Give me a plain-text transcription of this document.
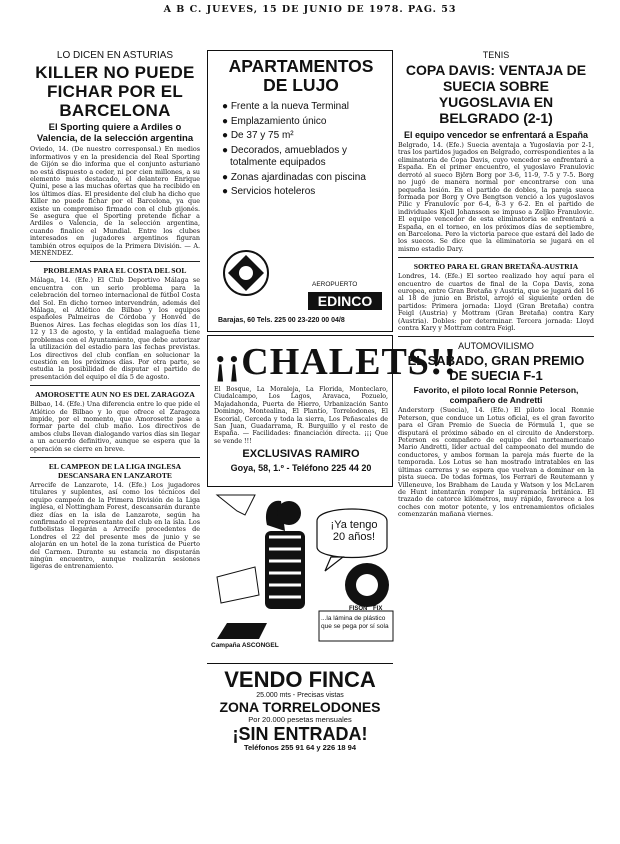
A B C. JUEVES, 15 DE JUNIO DE 1978. PAG. 53
LO DICEN EN ASTURIAS
KILLER NO PUEDE FICHAR POR EL BARCELONA
El Sporting quiere a Ardiles o Valencia, de la selección argentina

Oviedo, 14. (De nuestro corresponsal.) En medios informativos y en la presidencia del Real Sporting de Gijón se dio informa que el conjunto asturiano no está dispuesto a ceder, ni por cien millones, a su elemento más destacado, el delantero Enrique Quini, pese a las muchas ofertas que ha recibido en los últimos días. El presidente del club ha dicho que Killer no puede fichar por el Barcelona, ya que existe un compromiso firmado con el club gijonés. Se asegura que el Sporting pretende fichar a Ardiles o Valencia, de la selección argentina, cuando finalice el Mundial. Entre los clubes interesados en jugadores argentinos figuran también otros equipos de la Primera División. — A. MENÉNDEZ.

PROBLEMAS PARA EL COSTA DEL SOL

Málaga, 14. (Efe.) El Club Deportivo Málaga se encuentra con un serio problema para la celebración del torneo internacional de fútbol Costa del Sol. En dicho torneo intervendrán, además del Málaga, el Atlético de Bilbao y los equipos españoles Palmeiras de Córdoba y Honvéd de Buenos Aires. Las fechas elegidas son los días 11, 12 y 13 de agosto, y la entidad malagueña tiene problemas con el Ayuntamiento, que debe autorizar la utilización del estadio para las fechas previstas. Los directivos del club confían en solucionar la cuestión en los próximos días. Por otra parte, se estudia la posibilidad de disputar el partido de presentación del equipo el día 5 de agosto.

AMOROSETTE AUN NO ES DEL ZARAGOZA

Bilbao, 14. (Efe.) Una diferencia entre lo que pide el Atlético de Bilbao y lo que ofrece el Zaragoza impide, por el momento, que Amorosette pase a formar parte del club maño. Los directivos de ambos clubs llevan dialogando varios días sin llegar a un acuerdo definitivo, aunque se espera que la operación se cierre en breve.

EL CAMPEON DE LA LIGA INGLESA DESCANSARA EN LANZAROTE

Arrecife de Lanzarote, 14. (Efe.) Los jugadores titulares y suplentes, así como los técnicos del equipo campeón de la Primera División de la Liga inglesa, el Nottingham Forest, descansarán durante diez días en la isla de Lanzarote, según ha confirmado el representante del club en la isla. Los futbolistas llegarán a Arrecife procedentes de Londres el 22 del presente mes de junio y se alojarán en un hotel de la zona turística de Puerto del Carmen. Durante su estancia no disputarán ningún encuentro, aunque realizarán sesiones ligeras de entrenamiento.

APARTAMENTOS DE LUJO
● Frente a la nueva Terminal
● Emplazamiento único
● De 37 y 75 m²
● Decorados, amueblados y totalmente equipados
● Zonas ajardinadas con piscina
● Servicios hoteleros
AEROPUERTO
EDINCO
Barajas, 60 Tels. 225 00 23-220 00 04/8
¡¡CHALETS!!

El Bosque, La Moraleja, La Florida, Monteclaro, Ciudalcampo, Los Lagos, Aravaca, Pozuelo, Majadahonda, Puerta de Hierro, Urbanización Santo Domingo, Montealina, El Plantío, Torrelodones, El Escorial, Cerceda y toda la sierra, Los Peñascales de San Juan, Guadarrama, R. Burguillo y el resto de España. — Facilidades: financiación directa. ¡¡¡ Que se vende !!!

EXCLUSIVAS RAMIRO
Goya, 58, 1.º - Teléfono 225 44 20
¡Ya tengo 20 años!
FISON FIX
...la lámina de plástico que se pega por sí sola
Campaña ASCONGEL
VENDO FINCA
25.000 mts - Precisas vistas
ZONA TORRELODONES
Por 20.000 pesetas mensuales
¡SIN ENTRADA!
Teléfonos 255 91 64 y 226 18 94
TENIS
COPA DAVIS: VENTAJA DE SUECIA SOBRE YUGOSLAVIA EN BELGRADO (2-1)
El equipo vencedor se enfrentará a España

Belgrado, 14. (Efe.) Suecia aventaja a Yugoslavia por 2-1, tras los partidos jugados en Belgrado, correspondientes a la eliminatoria de Copa Davis, cuyo vencedor se enfrentará a España. En el primer encuentro, el yugoslavo Franulovic derrotó al sueco Björn Borg por 3-6, 11-9, 7-5 y 7-5. Borg no jugó de manera normal por encontrarse con una pequeña lesión. En el partido de dobles, la pareja sueca formada por Borg y Ove Bengtson venció a los yugoslavos Pilic y Franulovic por 6-4, 6-3 y 6-2. En el partido de individuales Kjell Johansson se impuso a Zeljko Franulovic. El equipo vencedor de esta eliminatoria se enfrentará a España, en el torneo, en los próximos días de septiembre, en Barcelona. Pero la victoria parece que estará del lado de los suecos. Se dice que la eliminatoria se jugará en el mismo estadio Dary.

SORTEO PARA EL GRAN BRETAÑA-AUSTRIA

Londres, 14. (Efe.) El sorteo realizado hoy aquí para el encuentro de cuartos de final de la Copa Davis, zona europea, entre Gran Bretaña y Austria, que se jugará del 16 al 18 de junio en Bristol, arrojó el siguiente orden de partidos: Primera jornada: Lloyd (Gran Bretaña) contra Feigl (Austria) y Mottram (Gran Bretaña) contra Kary (Austria). Dobles: por determinar. Tercera jornada: Lloyd contra Kary y Mottram contra Feigl.

AUTOMOVILISMO
EL SABADO, GRAN PREMIO DE SUECIA F-1
Favorito, el piloto local Ronnie Peterson, compañero de Andretti

Anderstorp (Suecia), 14. (Efe.) El piloto local Ronnie Peterson, que conduce un Lotus oficial, es el gran favorito para el Gran Premio de Suecia de Fórmula 1, que se disputará el próximo sábado en el circuito de Anderstorp. Peterson es compañero de equipo del norteamericano Mario Andretti, líder actual del campeonato del mundo de conductores, y ambos forman la pareja más fuerte de la temporada. Los Lotus se han mostrado intratables en las últimas carreras y se espera que vuelvan a dominar en la pista sueca. De todas formas, los Ferrari de Reutemann y Villeneuve, los Brabham de Lauda y Watson y los McLaren de Hunt intentarán romper la supremacía británica. El trazado de catorce kilómetros, muy rápido, favorece a los coches con motor potente, y los entrenamientos oficiales comenzarán mañana viernes.
